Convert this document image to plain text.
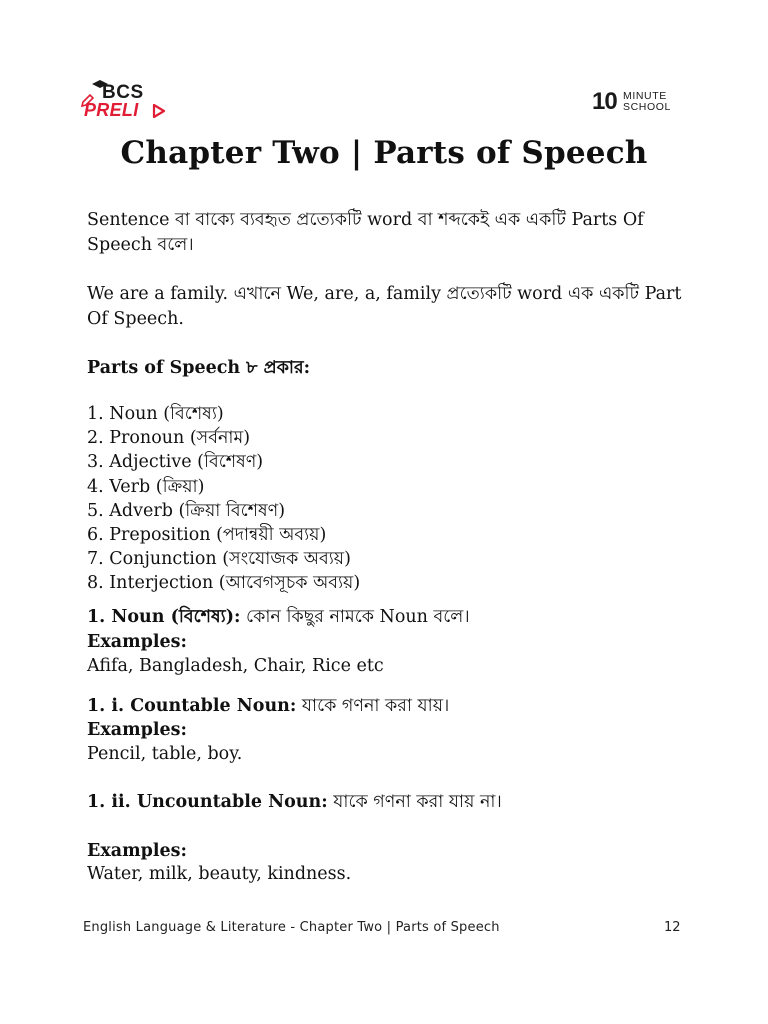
BCS
PRELI	10 MINUTE
SCHOOL
Chapter Two | Parts of Speech
Sentence বা বাক্যে ব্যবহৃত প্রত্যেকটি word বা শব্দকেই এক একটি Parts Of Speech বলে।
We are a family. এখানে We, are, a, family প্রত্যেকটি word এক একটি Part Of Speech.
Parts of Speech ৮ প্রকার:
1. Noun (বিশেষ্য)
2. Pronoun (সর্বনাম)
3. Adjective (বিশেষণ)
4. Verb (ক্রিয়া)
5. Adverb (ক্রিয়া বিশেষণ)
6. Preposition (পদান্বয়ী অব্যয়)
7. Conjunction (সংযোজক অব্যয়)
8. Interjection (আবেগসূচক অব্যয়)
1. Noun (বিশেষ্য): কোন কিছুর নামকে Noun বলে।
Examples:
Afifa, Bangladesh, Chair, Rice etc
1. i. Countable Noun: যাকে গণনা করা যায়।
Examples:
Pencil, table, boy.
1. ii. Uncountable Noun: যাকে গণনা করা যায় না।
Examples:
Water, milk, beauty, kindness.
English Language & Literature - Chapter Two | Parts of Speech	12
